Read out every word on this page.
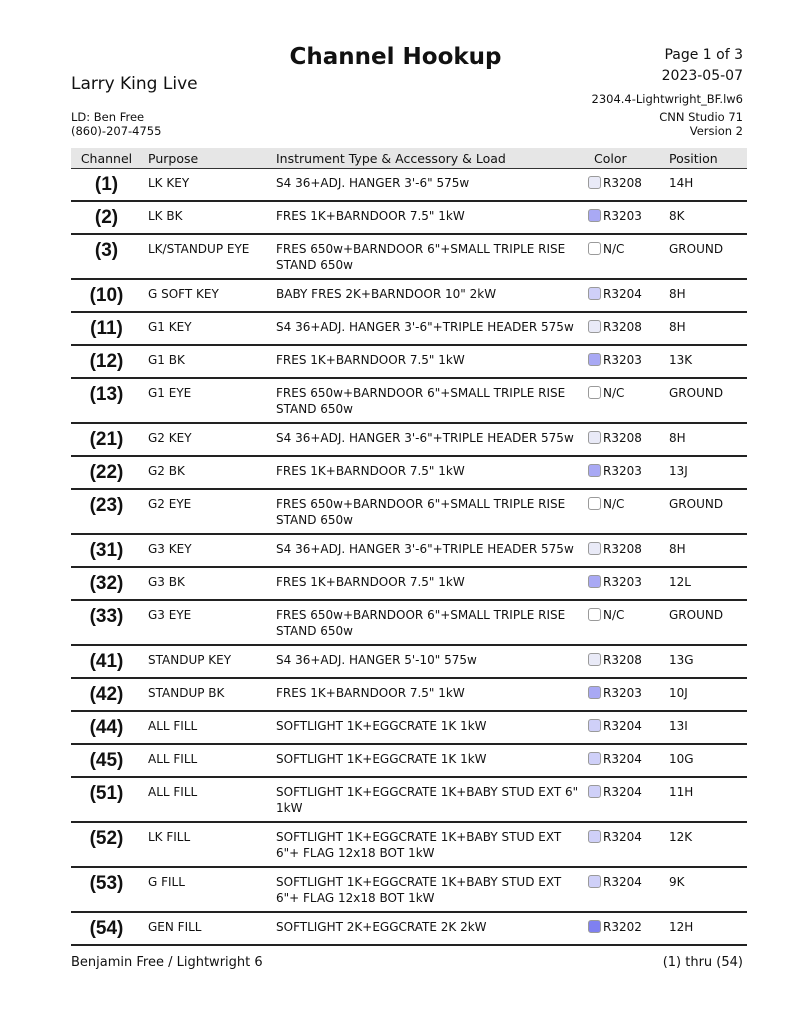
Channel Hookup
Larry King Live
LD: Ben Free
(860)-207-4755
Page 1 of 3
2023-05-07
2304.4-Lightwright_BF.lw6
CNN Studio 71
Version 2
Channel	Purpose	Instrument Type & Accessory & Load	Color	Position
(1)	LK KEY	S4 36+ADJ. HANGER 3'-6" 575w	R3208	14H
(2)	LK BK	FRES 1K+BARNDOOR 7.5" 1kW	R3203	8K
(3)	LK/STANDUP EYE	FRES 650w+BARNDOOR 6"+SMALL TRIPLE RISE STAND 650w	N/C	GROUND
(10)	G SOFT KEY	BABY FRES 2K+BARNDOOR 10" 2kW	R3204	8H
(11)	G1 KEY	S4 36+ADJ. HANGER 3'-6"+TRIPLE HEADER 575w	R3208	8H
(12)	G1 BK	FRES 1K+BARNDOOR 7.5" 1kW	R3203	13K
(13)	G1 EYE	FRES 650w+BARNDOOR 6"+SMALL TRIPLE RISE STAND 650w	N/C	GROUND
(21)	G2 KEY	S4 36+ADJ. HANGER 3'-6"+TRIPLE HEADER 575w	R3208	8H
(22)	G2 BK	FRES 1K+BARNDOOR 7.5" 1kW	R3203	13J
(23)	G2 EYE	FRES 650w+BARNDOOR 6"+SMALL TRIPLE RISE STAND 650w	N/C	GROUND
(31)	G3 KEY	S4 36+ADJ. HANGER 3'-6"+TRIPLE HEADER 575w	R3208	8H
(32)	G3 BK	FRES 1K+BARNDOOR 7.5" 1kW	R3203	12L
(33)	G3 EYE	FRES 650w+BARNDOOR 6"+SMALL TRIPLE RISE STAND 650w	N/C	GROUND
(41)	STANDUP KEY	S4 36+ADJ. HANGER 5'-10" 575w	R3208	13G
(42)	STANDUP BK	FRES 1K+BARNDOOR 7.5" 1kW	R3203	10J
(44)	ALL FILL	SOFTLIGHT 1K+EGGCRATE 1K 1kW	R3204	13I
(45)	ALL FILL	SOFTLIGHT 1K+EGGCRATE 1K 1kW	R3204	10G
(51)	ALL FILL	SOFTLIGHT 1K+EGGCRATE 1K+BABY STUD EXT 6" 1kW	R3204	11H
(52)	LK FILL	SOFTLIGHT 1K+EGGCRATE 1K+BABY STUD EXT 6"+ FLAG 12x18 BOT 1kW	R3204	12K
(53)	G FILL	SOFTLIGHT 1K+EGGCRATE 1K+BABY STUD EXT 6"+ FLAG 12x18 BOT 1kW	R3204	9K
(54)	GEN FILL	SOFTLIGHT 2K+EGGCRATE 2K 2kW	R3202	12H
Benjamin Free / Lightwright 6	(1) thru (54)
